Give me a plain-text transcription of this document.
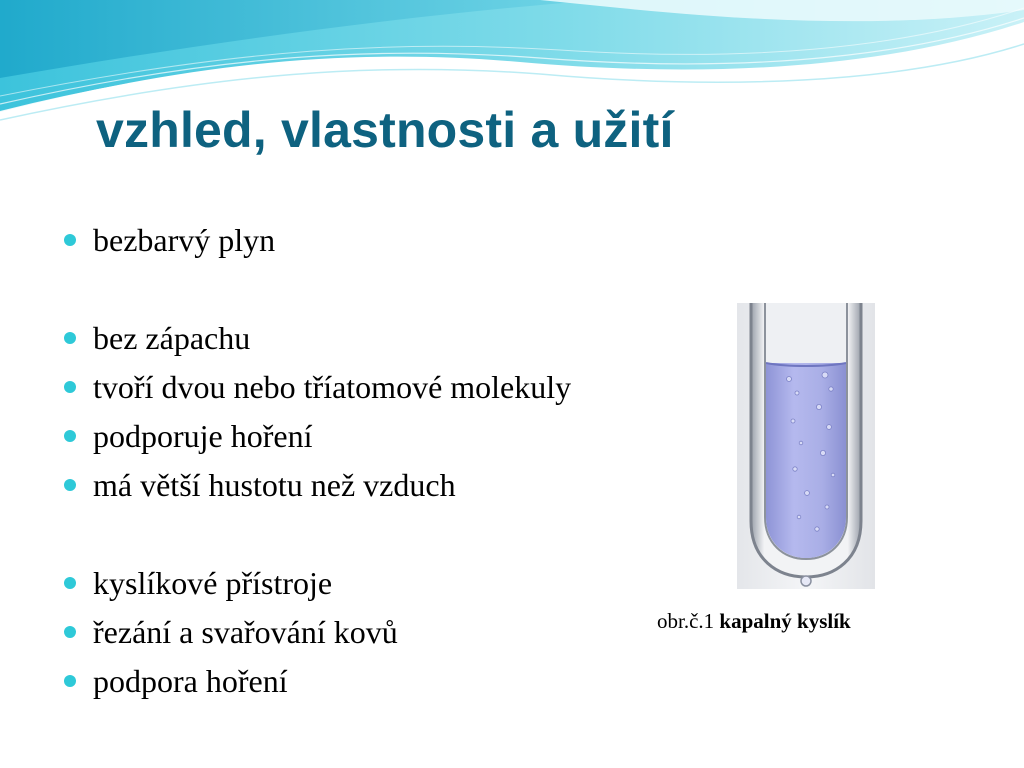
vzhled, vlastnosti a užití
bezbarvý plyn
bez zápachu
tvoří dvou nebo tříatomové molekuly
podporuje hoření
má větší hustotu než vzduch
kyslíkové přístroje
řezání a svařování kovů
podpora hoření
obr.č.1 kapalný kyslík
